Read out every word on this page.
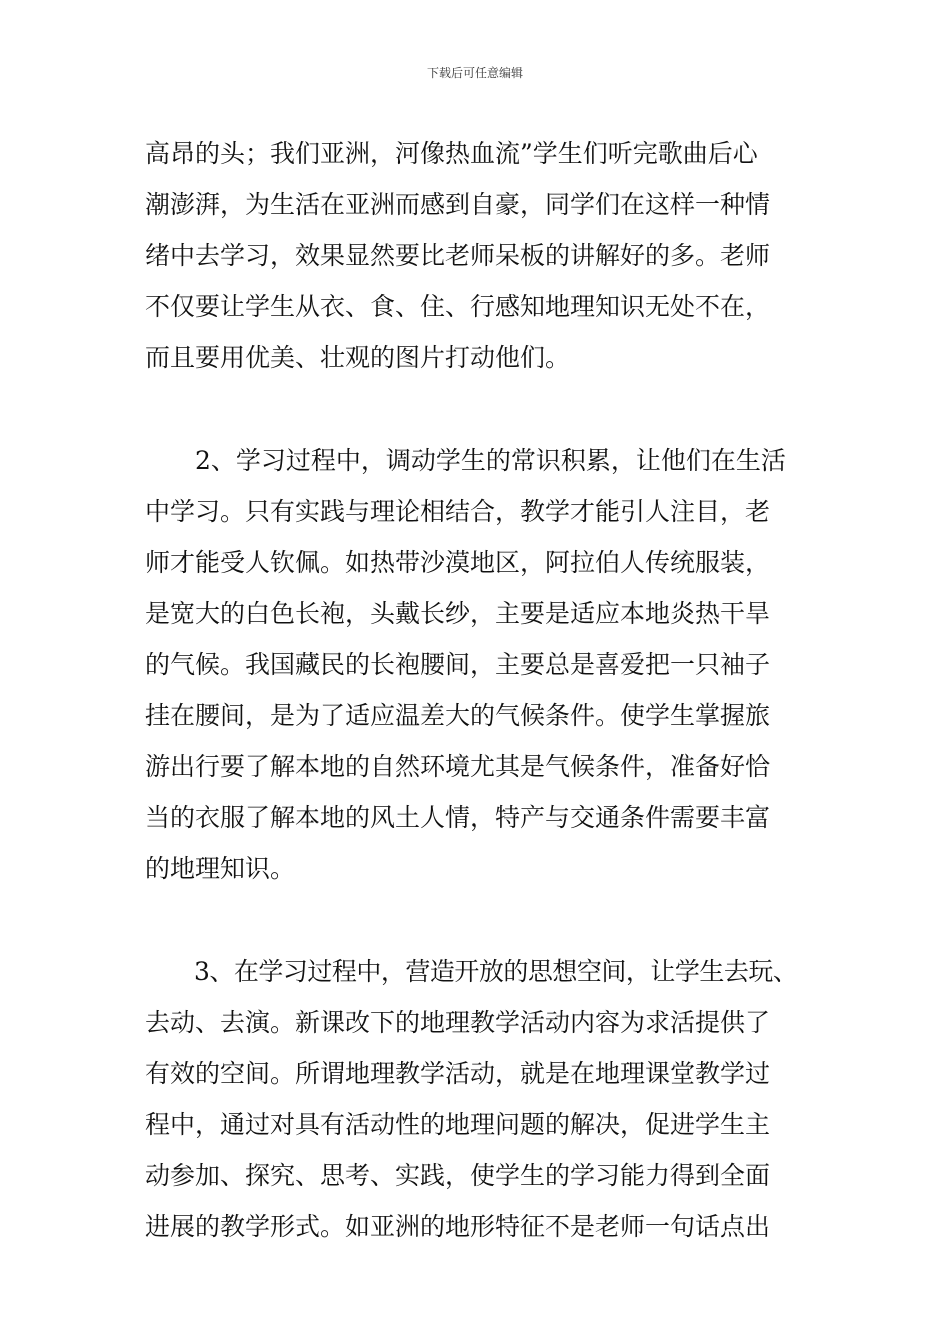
下载后可任意编辑
高昂的头；我们亚洲，河像热血流”学生们听完歌曲后心
潮澎湃，为生活在亚洲而感到自豪，同学们在这样一种情
绪中去学习，效果显然要比老师呆板的讲解好的多。老师
不仅要让学生从衣、食、住、行感知地理知识无处不在，
而且要用优美、壮观的图片打动他们。
　　2、学习过程中，调动学生的常识积累，让他们在生活
中学习。只有实践与理论相结合，教学才能引人注目，老
师才能受人钦佩。如热带沙漠地区，阿拉伯人传统服装，
是宽大的白色长袍，头戴长纱，主要是适应本地炎热干旱
的气候。我国藏民的长袍腰间，主要总是喜爱把一只袖子
挂在腰间，是为了适应温差大的气候条件。使学生掌握旅
游出行要了解本地的自然环境尤其是气候条件，准备好恰
当的衣服了解本地的风土人情，特产与交通条件需要丰富
的地理知识。
　　3、在学习过程中，营造开放的思想空间，让学生去玩、
去动、去演。新课改下的地理教学活动内容为求活提供了
有效的空间。所谓地理教学活动，就是在地理课堂教学过
程中，通过对具有活动性的地理问题的解决，促进学生主
动参加、探究、思考、实践，使学生的学习能力得到全面
进展的教学形式。如亚洲的地形特征不是老师一句话点出
